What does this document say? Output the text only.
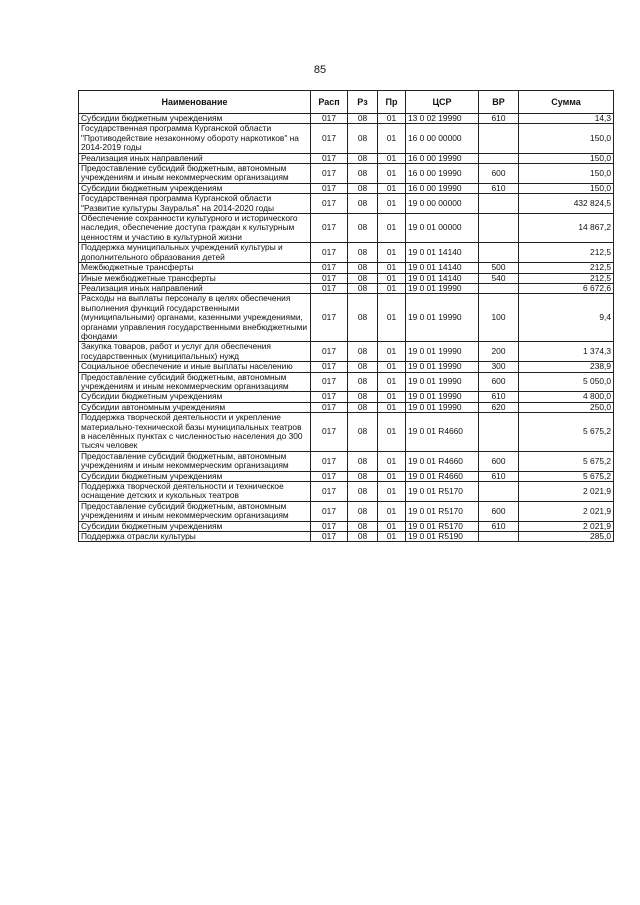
85
Наименование	Расп	Рз	Пр	ЦСР	ВР	Сумма
Субсидии бюджетным учреждениям	017	08	01	13 0 02 19990	610	14,3
Государственная программа Курганской области "Противодействие незаконному обороту наркотиков" на 2014-2019 годы	017	08	01	16 0 00 00000		150,0
Реализация иных направлений	017	08	01	16 0 00 19990		150,0
Предоставление субсидий бюджетным, автономным учреждениям и иным некоммерческим организациям	017	08	01	16 0 00 19990	600	150,0
Субсидии бюджетным учреждениям	017	08	01	16 0 00 19990	610	150,0
Государственная программа Курганской области "Развитие культуры Зауралья" на 2014-2020 годы	017	08	01	19 0 00 00000		432 824,5
Обеспечение сохранности культурного и исторического наследия, обеспечение доступа граждан к культурным ценностям и участию в культурной жизни	017	08	01	19 0 01 00000		14 867,2
Поддержка муниципальных учреждений культуры и дополнительного образования детей	017	08	01	19 0 01 14140		212,5
Межбюджетные трансферты	017	08	01	19 0 01 14140	500	212,5
Иные межбюджетные трансферты	017	08	01	19 0 01 14140	540	212,5
Реализация иных направлений	017	08	01	19 0 01 19990		6 672,6
Расходы на выплаты персоналу в целях обеспечения выполнения функций государственными (муниципальными) органами, казенными учреждениями, органами управления государственными внебюджетными фондами	017	08	01	19 0 01 19990	100	9,4
Закупка товаров, работ и услуг для обеспечения государственных (муниципальных) нужд	017	08	01	19 0 01 19990	200	1 374,3
Социальное обеспечение и иные выплаты населению	017	08	01	19 0 01 19990	300	238,9
Предоставление субсидий бюджетным, автономным учреждениям и иным некоммерческим организациям	017	08	01	19 0 01 19990	600	5 050,0
Субсидии бюджетным учреждениям	017	08	01	19 0 01 19990	610	4 800,0
Субсидии автономным учреждениям	017	08	01	19 0 01 19990	620	250,0
Поддержка творческой деятельности и укрепление материально-технической базы муниципальных театров в населённых пунктах с численностью населения до 300 тысяч человек	017	08	01	19 0 01 R4660		5 675,2
Предоставление субсидий бюджетным, автономным учреждениям и иным некоммерческим организациям	017	08	01	19 0 01 R4660	600	5 675,2
Субсидии бюджетным учреждениям	017	08	01	19 0 01 R4660	610	5 675,2
Поддержка творческой деятельности и техническое оснащение детских и кукольных театров	017	08	01	19 0 01 R5170		2 021,9
Предоставление субсидий бюджетным, автономным учреждениям и иным некоммерческим организациям	017	08	01	19 0 01 R5170	600	2 021,9
Субсидии бюджетным учреждениям	017	08	01	19 0 01 R5170	610	2 021,9
Поддержка отрасли культуры	017	08	01	19 0 01 R5190		285,0
